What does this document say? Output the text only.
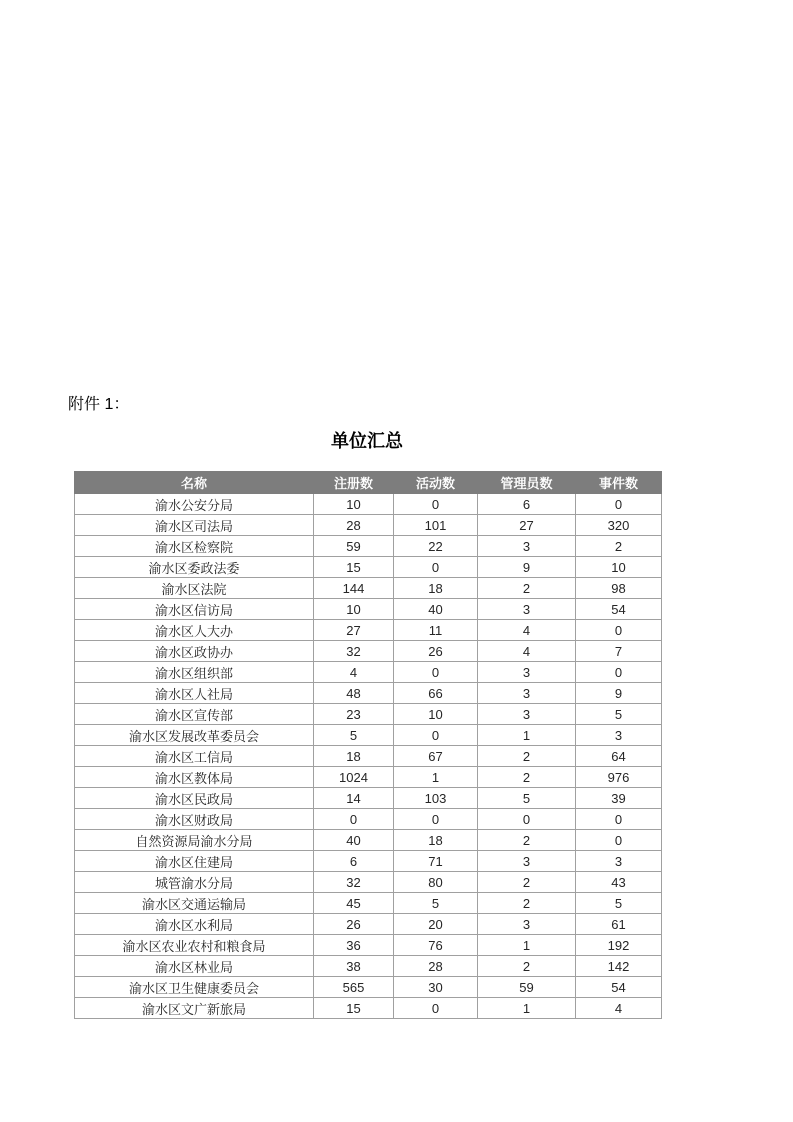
附件 1：
单位汇总
名称	注册数	活动数	管理员数	事件数
渝水公安分局	10	0	6	0
渝水区司法局	28	101	27	320
渝水区检察院	59	22	3	2
渝水区委政法委	15	0	9	10
渝水区法院	144	18	2	98
渝水区信访局	10	40	3	54
渝水区人大办	27	11	4	0
渝水区政协办	32	26	4	7
渝水区组织部	4	0	3	0
渝水区人社局	48	66	3	9
渝水区宣传部	23	10	3	5
渝水区发展改革委员会	5	0	1	3
渝水区工信局	18	67	2	64
渝水区教体局	1024	1	2	976
渝水区民政局	14	103	5	39
渝水区财政局	0	0	0	0
自然资源局渝水分局	40	18	2	0
渝水区住建局	6	71	3	3
城管渝水分局	32	80	2	43
渝水区交通运输局	45	5	2	5
渝水区水利局	26	20	3	61
渝水区农业农村和粮食局	36	76	1	192
渝水区林业局	38	28	2	142
渝水区卫生健康委员会	565	30	59	54
渝水区文广新旅局	15	0	1	4
